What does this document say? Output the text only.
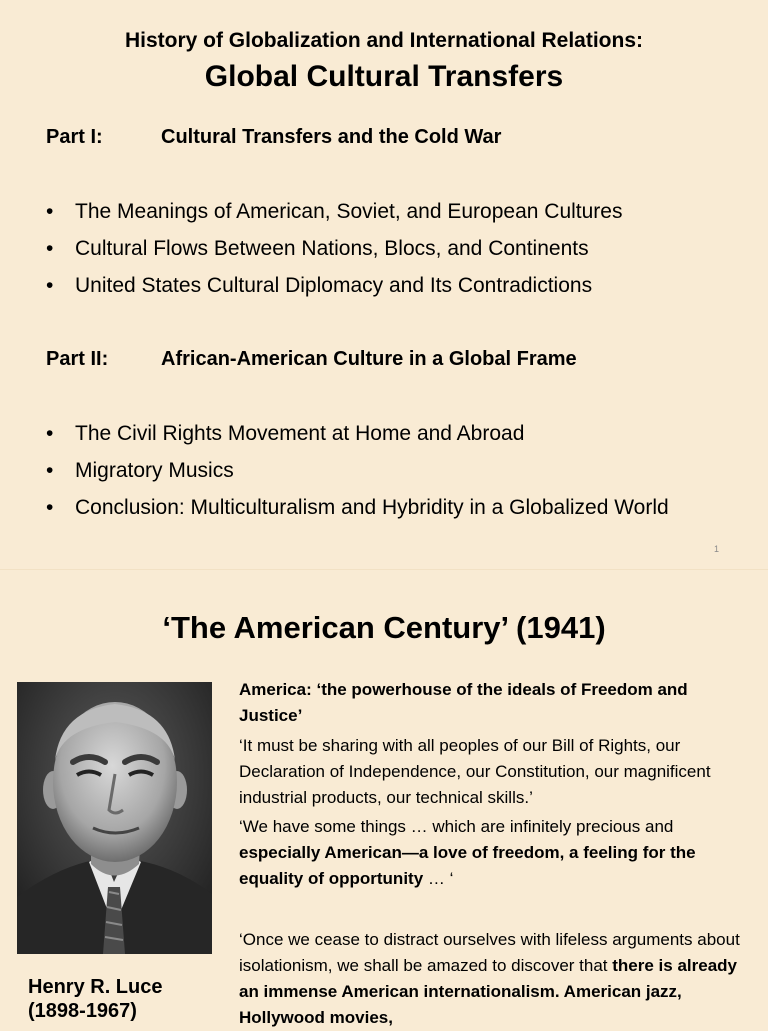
History of Globalization and International Relations:
Global Cultural Transfers
Part I:	Cultural Transfers and the Cold War
• The Meanings of American, Soviet, and European Cultures
• Cultural Flows Between Nations, Blocs, and Continents
• United States Cultural Diplomacy and Its Contradictions
Part II:	African-American Culture in a Global Frame
• The Civil Rights Movement at Home and Abroad
• Migratory Musics
• Conclusion: Multiculturalism and Hybridity in a Globalized World
1
‘The American Century’ (1941)
Henry R. Luce
(1898-1967)
America: ‘the powerhouse of the ideals of Freedom and Justice’
‘It must be sharing with all peoples of our Bill of Rights, our Declaration of Independence, our Constitution, our magnificent industrial products, our technical skills.’
‘We have some things … which are infinitely precious and especially American—a love of freedom, a feeling for the equality of opportunity … ‘
‘Once we cease to distract ourselves with lifeless arguments about isolationism, we shall be amazed to discover that there is already an immense American internationalism. American jazz, Hollywood movies,
